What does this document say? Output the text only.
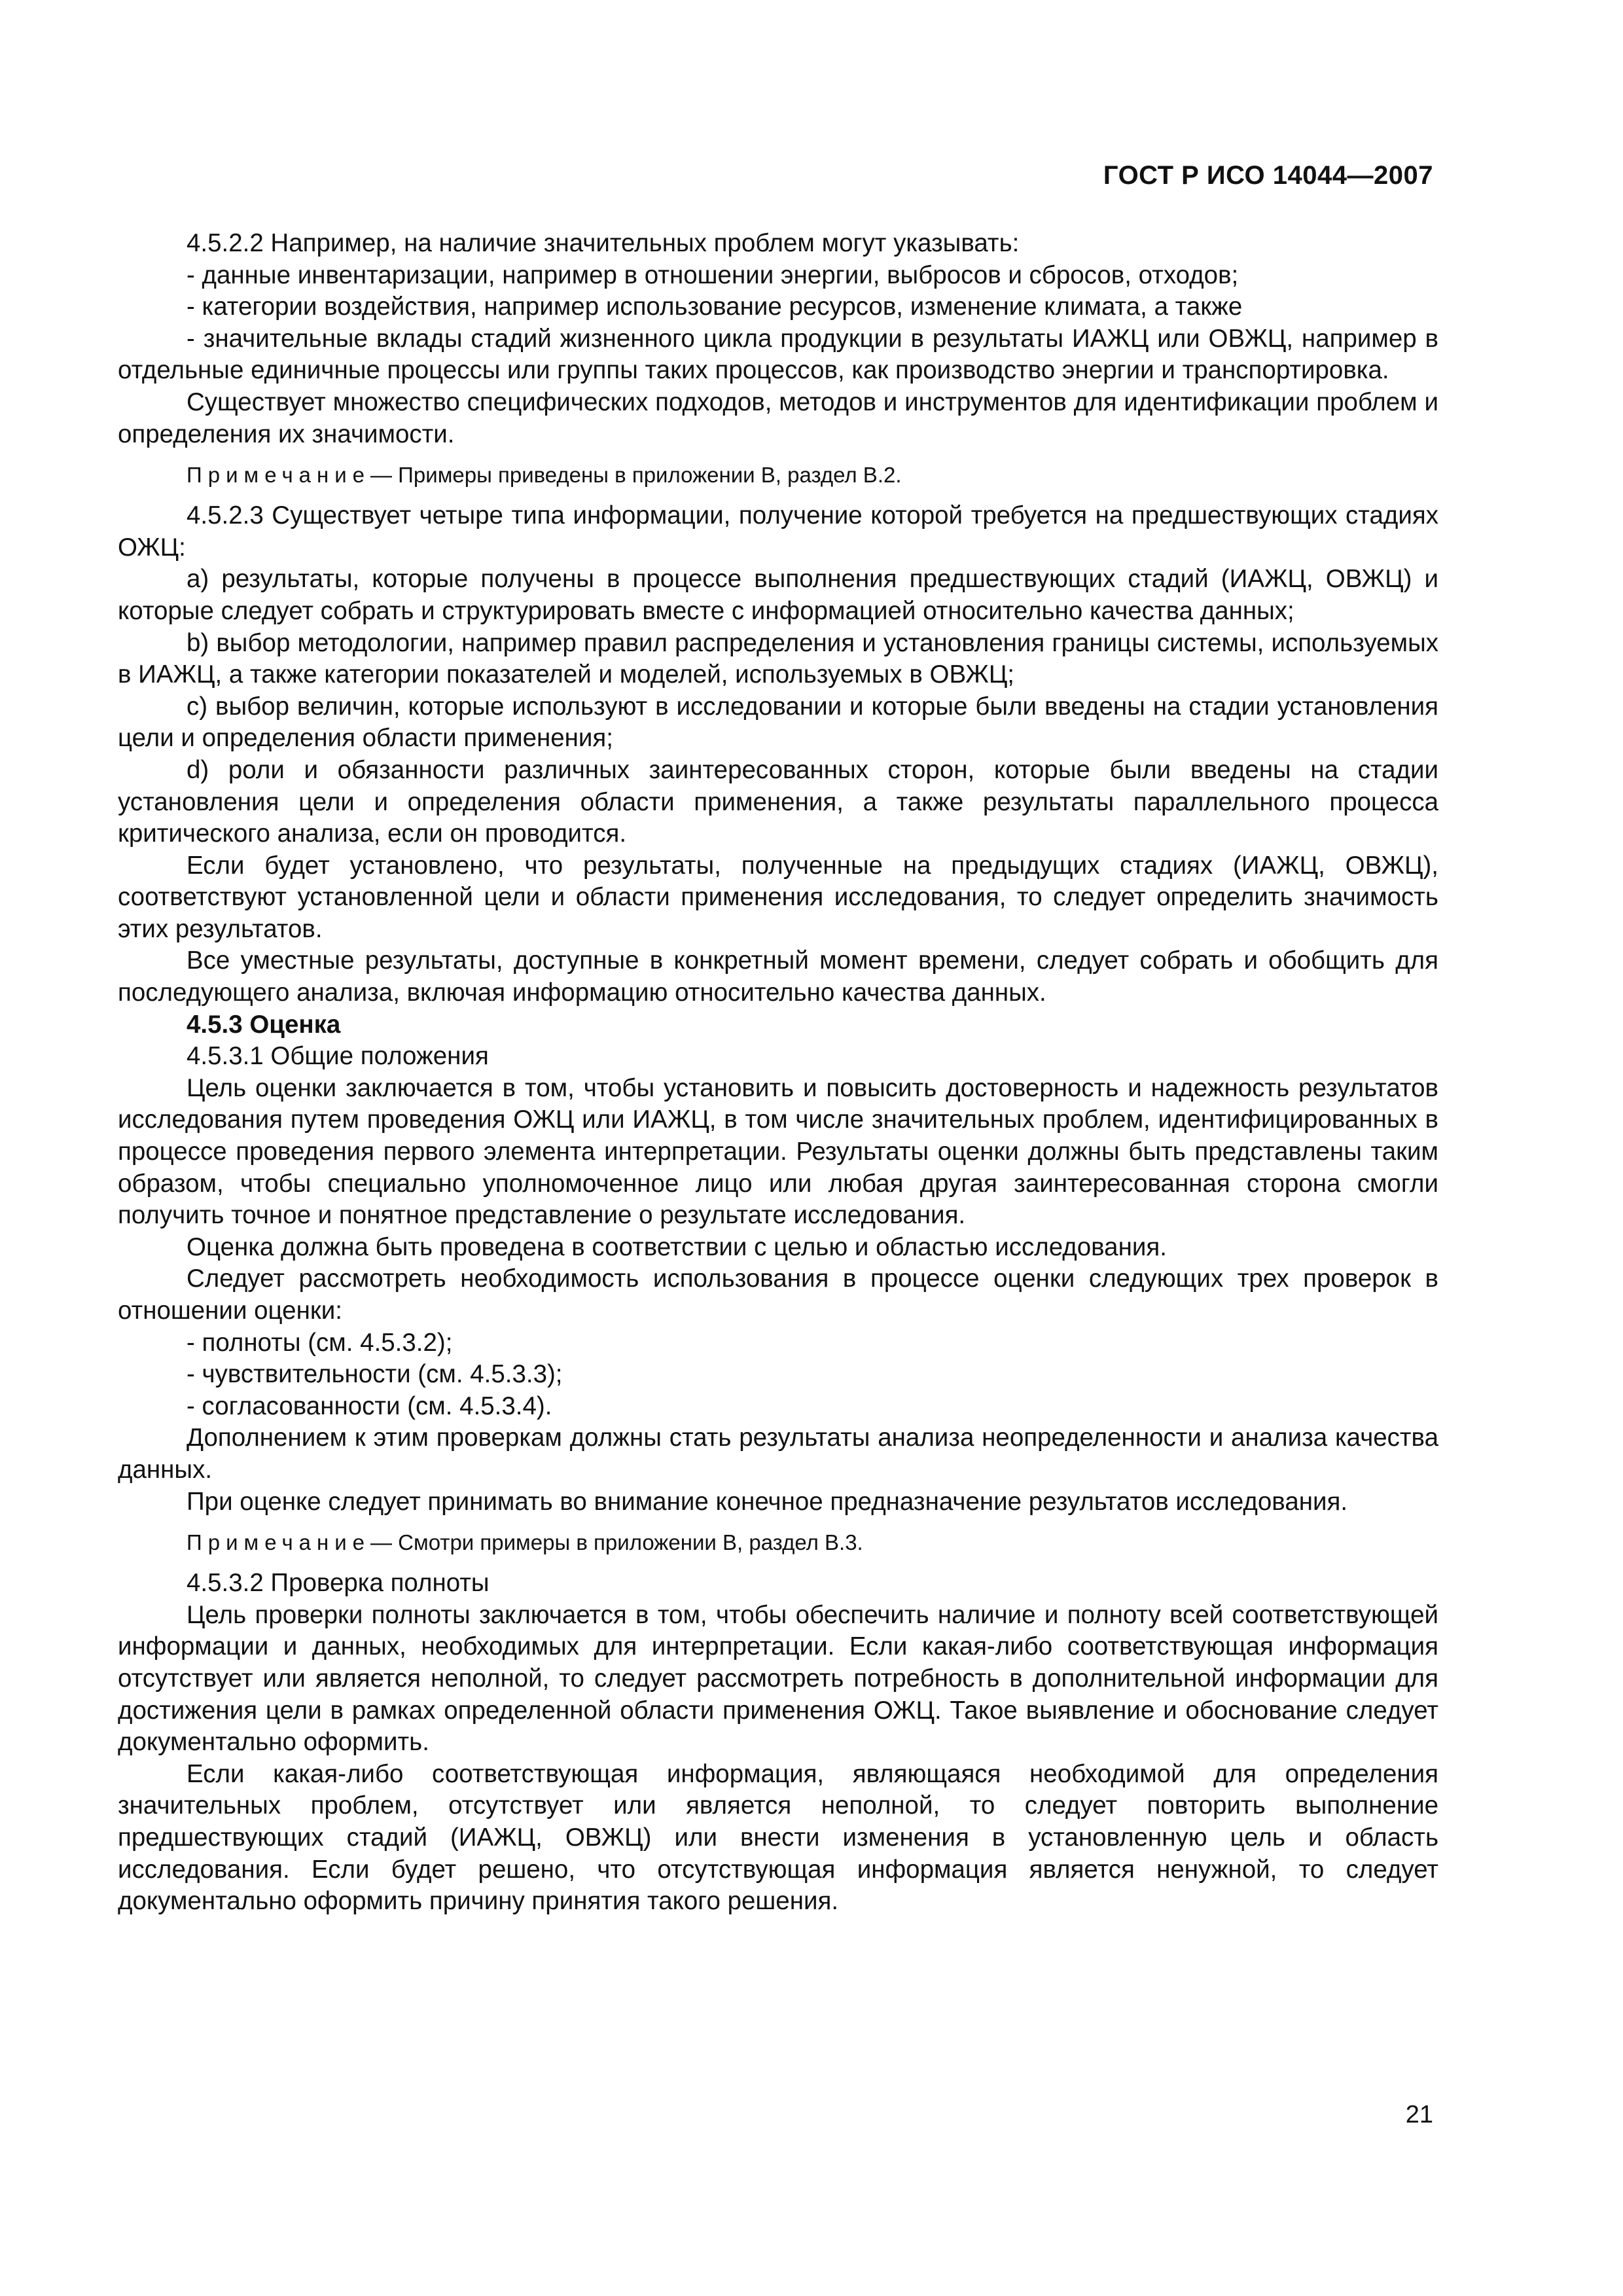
ГОСТ Р ИСО 14044—2007

4.5.2.2 Например, на наличие значительных проблем могут указывать:

- данные инвентаризации, например в отношении энергии, выбросов и сбросов, отходов;

- категории воздействия, например использование ресурсов, изменение климата, а также

- значительные вклады стадий жизненного цикла продукции в результаты ИАЖЦ или ОВЖЦ, например в отдельные единичные процессы или группы таких процессов, как производство энергии и транспортировка.

Существует множество специфических подходов, методов и инструментов для идентификации проблем и определения их значимости.

Примечание— Примеры приведены в приложении В, раздел В.2.

4.5.2.3 Существует четыре типа информации, получение которой требуется на предшествующих стадиях ОЖЦ:

a) результаты, которые получены в процессе выполнения предшествующих стадий (ИАЖЦ, ОВЖЦ) и которые следует собрать и структурировать вместе с информацией относительно качества данных;

b) выбор методологии, например правил распределения и установления границы системы, используемых в ИАЖЦ, а также категории показателей и моделей, используемых в ОВЖЦ;

c) выбор величин, которые используют в исследовании и которые были введены на стадии установления цели и определения области применения;

d) роли и обязанности различных заинтересованных сторон, которые были введены на стадии установления цели и определения области применения, а также результаты параллельного процесса критического анализа, если он проводится.

Если будет установлено, что результаты, полученные на предыдущих стадиях (ИАЖЦ, ОВЖЦ), соответствуют установленной цели и области применения исследования, то следует определить значимость этих результатов.

Все уместные результаты, доступные в конкретный момент времени, следует собрать и обобщить для последующего анализа, включая информацию относительно качества данных.

4.5.3 Оценка

4.5.3.1 Общие положения

Цель оценки заключается в том, чтобы установить и повысить достоверность и надежность результатов исследования путем проведения ОЖЦ или ИАЖЦ, в том числе значительных проблем, идентифицированных в процессе проведения первого элемента интерпретации. Результаты оценки должны быть представлены таким образом, чтобы специально уполномоченное лицо или любая другая заинтересованная сторона смогли получить точное и понятное представление о результате исследования.

Оценка должна быть проведена в соответствии с целью и областью исследования.

Следует рассмотреть необходимость использования в процессе оценки следующих трех проверок в отношении оценки:

- полноты (см. 4.5.3.2);

- чувствительности (см. 4.5.3.3);

- согласованности (см. 4.5.3.4).

Дополнением к этим проверкам должны стать результаты анализа неопределенности и анализа качества данных.

При оценке следует принимать во внимание конечное предназначение результатов исследования.

Примечание— Смотри примеры в приложении В, раздел В.3.

4.5.3.2 Проверка полноты

Цель проверки полноты заключается в том, чтобы обеспечить наличие и полноту всей соответствующей информации и данных, необходимых для интерпретации. Если какая-либо соответствующая информация отсутствует или является неполной, то следует рассмотреть потребность в дополнительной информации для достижения цели в рамках определенной области применения ОЖЦ. Такое выявление и обоснование следует документально оформить.

Если какая-либо соответствующая информация, являющаяся необходимой для определения значительных проблем, отсутствует или является неполной, то следует повторить выполнение предшествующих стадий (ИАЖЦ, ОВЖЦ) или внести изменения в установленную цель и область исследования. Если будет решено, что отсутствующая информация является ненужной, то следует документально оформить причину принятия такого решения.

21
